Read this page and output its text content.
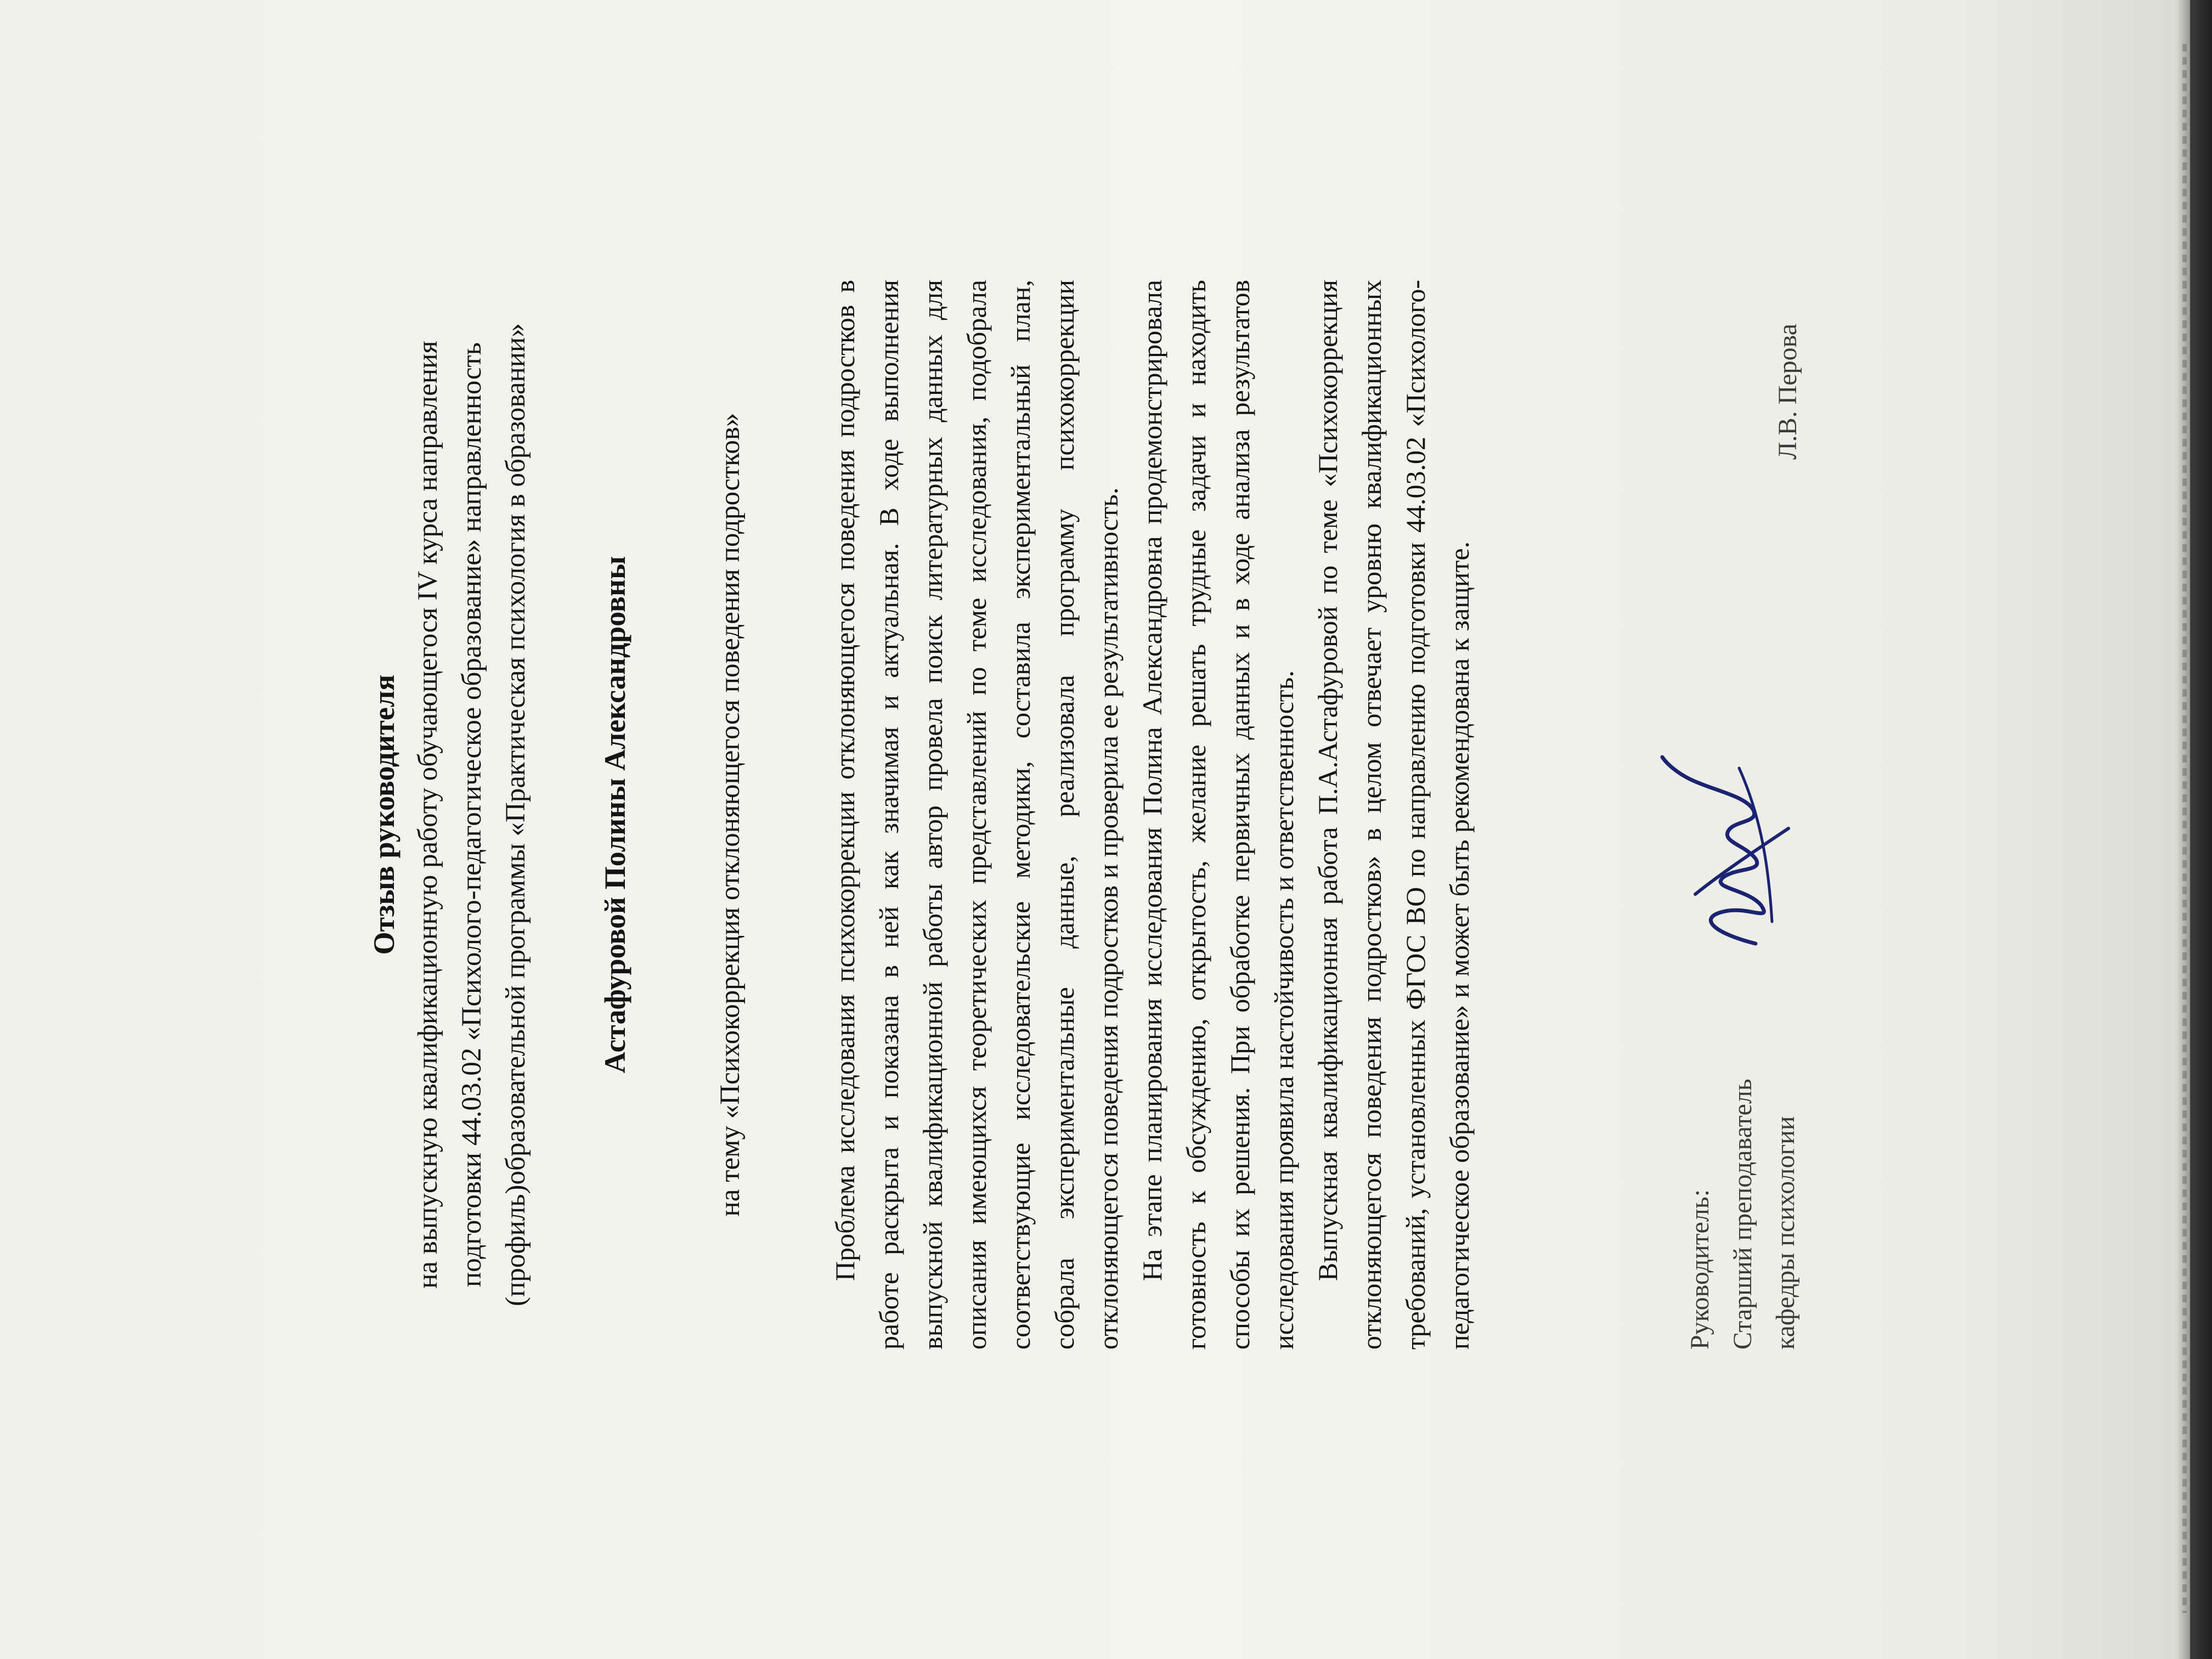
Отзыв руководителя на выпускную квалификационную работу обучающегося IV курса направления подготовки 44.03.02 «Психолого-педагогическое образование» направленность (профиль)образовательной программы «Практическая психология в образовании» Астафуровой Полины Александровны	на тему «Психокоррекция отклоняющегося поведения подростков»	Проблема исследования психокоррекции отклоняющегося поведения подростков в работе раскрыта и показана в ней как значимая и актуальная. В ходе выполнения выпускной квалификационной работы автор провела поиск литературных данных для описания имеющихся теоретических представлений по теме исследования, подобрала соответствующие исследовательские методики, составила экспериментальный план, собрала экспериментальные данные, реализовала программу психокоррекции отклоняющегося поведения подростков и проверила ее результативность. На этапе планирования исследования Полина Александровна продемонстрировала готовность к обсуждению, открытость, желание решать трудные задачи и находить способы их решения. При обработке первичных данных и в ходе анализа результатов исследования проявила настойчивость и ответственность. Выпускная квалификационная работа П.А.Астафуровой по теме «Психокоррекция отклоняющегося поведения подростков» в целом отвечает уровню квалификационных требований, установленных ФГОС ВО по направлению подготовки 44.03.02 «Психолого-педагогическое образование» и может быть рекомендована к защите.	Руководитель: Старший преподаватель кафедры психологии
Л.В. Перова
